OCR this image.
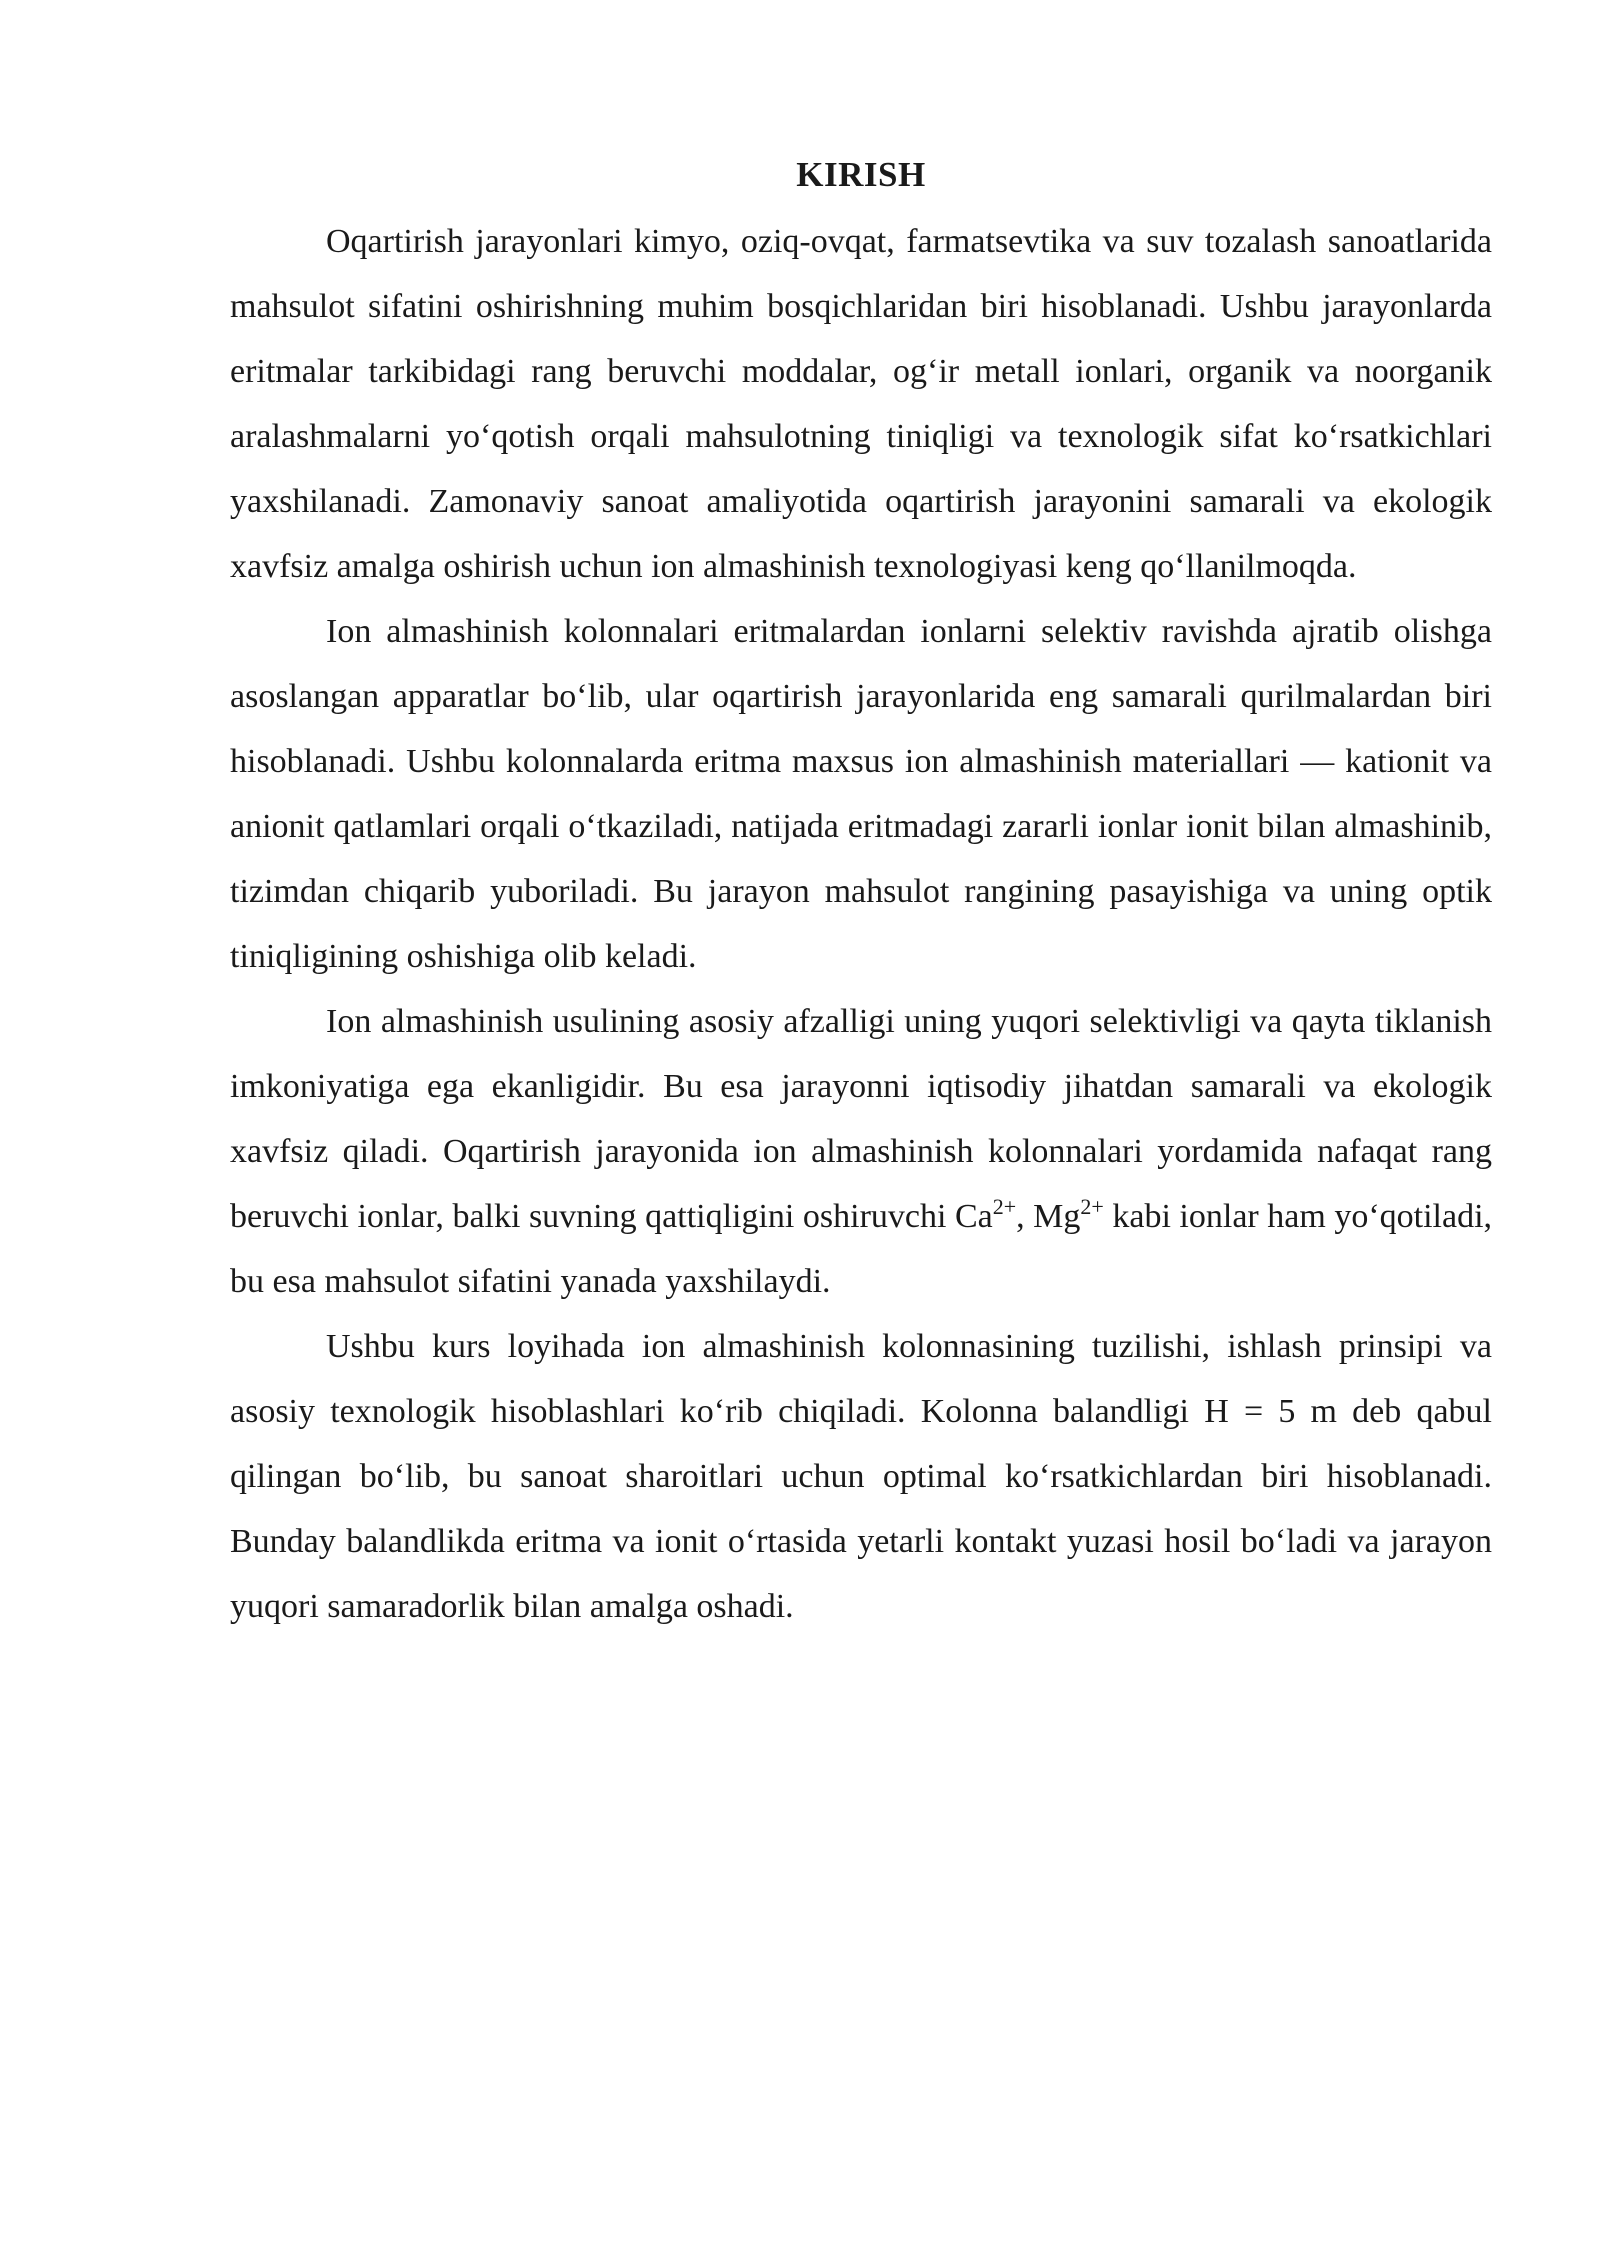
KIRISH

Oqartirish jarayonlari kimyo, oziq-ovqat, farmatsevtika va suv tozalash sanoatlarida mahsulot sifatini oshirishning muhim bosqichlaridan biri hisoblanadi. Ushbu jarayonlarda eritmalar tarkibidagi rang beruvchi moddalar, og‘ir metall ionlari, organik va noorganik aralashmalarni yo‘qotish orqali mahsulotning tiniqligi va texnologik sifat ko‘rsatkichlari yaxshilanadi. Zamonaviy sanoat amaliyotida oqartirish jarayonini samarali va ekologik xavfsiz amalga oshirish uchun ion almashinish texnologiyasi keng qo‘llanilmoqda.

Ion almashinish kolonnalari eritmalardan ionlarni selektiv ravishda ajratib olishga asoslangan apparatlar bo‘lib, ular oqartirish jarayonlarida eng samarali qurilmalardan biri hisoblanadi. Ushbu kolonnalarda eritma maxsus ion almashinish materiallari — kationit va anionit qatlamlari orqali o‘tkaziladi, natijada eritmadagi zararli ionlar ionit bilan almashinib, tizimdan chiqarib yuboriladi. Bu jarayon mahsulot rangining pasayishiga va uning optik tiniqligining oshishiga olib keladi.

Ion almashinish usulining asosiy afzalligi uning yuqori selektivligi va qayta tiklanish imkoniyatiga ega ekanligidir. Bu esa jarayonni iqtisodiy jihatdan samarali va ekologik xavfsiz qiladi. Oqartirish jarayonida ion almashinish kolonnalari yordamida nafaqat rang beruvchi ionlar, balki suvning qattiqligini oshiruvchi $Ca^{2+}$, $Mg^{2+}$ kabi ionlar ham yo‘qotiladi, bu esa mahsulot sifatini yanada yaxshilaydi.

Ushbu kurs loyihada ion almashinish kolonnasining tuzilishi, ishlash prinsipi va asosiy texnologik hisoblashlari ko‘rib chiqiladi. Kolonna balandligi H = 5 m deb qabul qilingan bo‘lib, bu sanoat sharoitlari uchun optimal ko‘rsatkichlardan biri hisoblanadi. Bunday balandlikda eritma va ionit o‘rtasida yetarli kontakt yuzasi hosil bo‘ladi va jarayon yuqori samaradorlik bilan amalga oshadi.
